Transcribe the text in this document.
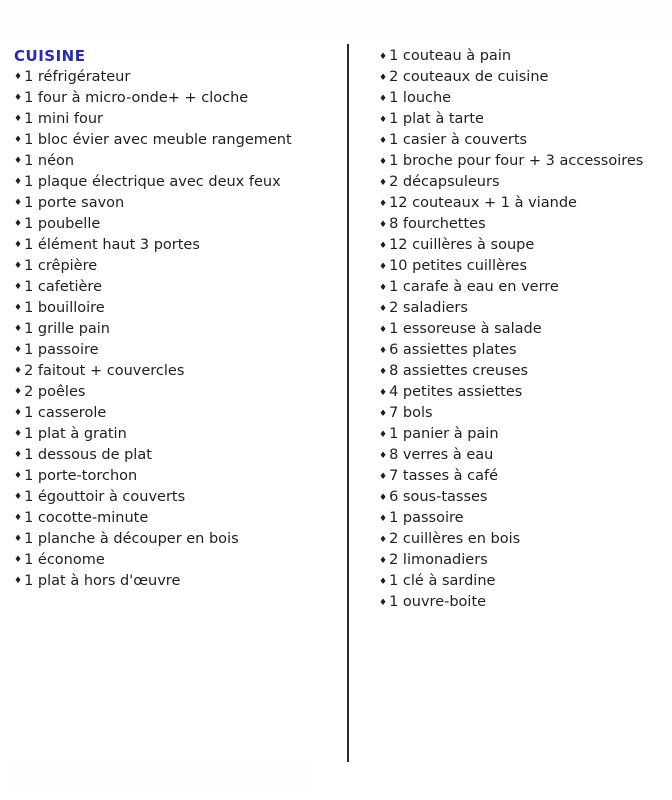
CUISINE
♦ 1 réfrigérateur
♦ 1 four à micro-onde+ + cloche
♦ 1 mini four
♦ 1 bloc évier avec meuble rangement
♦ 1 néon
♦ 1 plaque électrique avec deux feux
♦ 1 porte savon
♦ 1 poubelle
♦ 1 élément haut 3 portes
♦ 1 crêpière
♦ 1 cafetière
♦ 1 bouilloire
♦ 1 grille pain
♦ 1 passoire
♦ 2 faitout + couvercles
♦ 2 poêles
♦ 1 casserole
♦ 1 plat à gratin
♦ 1 dessous de plat
♦ 1 porte-torchon
♦ 1 égouttoir à couverts
♦ 1 cocotte-minute
♦ 1 planche à découper en bois
♦ 1 économe
♦ 1 plat à hors d'œuvre
♦ 1 couteau à pain
♦ 2 couteaux de cuisine
♦ 1 louche
♦ 1 plat à tarte
♦ 1 casier à couverts
♦ 1 broche pour four + 3 accessoires
♦ 2 décapsuleurs
♦ 12 couteaux + 1 à viande
♦ 8 fourchettes
♦ 12 cuillères à soupe
♦ 10 petites cuillères
♦ 1 carafe à eau en verre
♦ 2 saladiers
♦ 1 essoreuse à salade
♦ 6 assiettes plates
♦ 8 assiettes creuses
♦ 4 petites assiettes
♦ 7 bols
♦ 1 panier à pain
♦ 8 verres à eau
♦ 7 tasses à café
♦ 6 sous-tasses
♦ 1 passoire
♦ 2 cuillères en bois
♦ 2 limonadiers
♦ 1 clé à sardine
♦ 1 ouvre-boite
